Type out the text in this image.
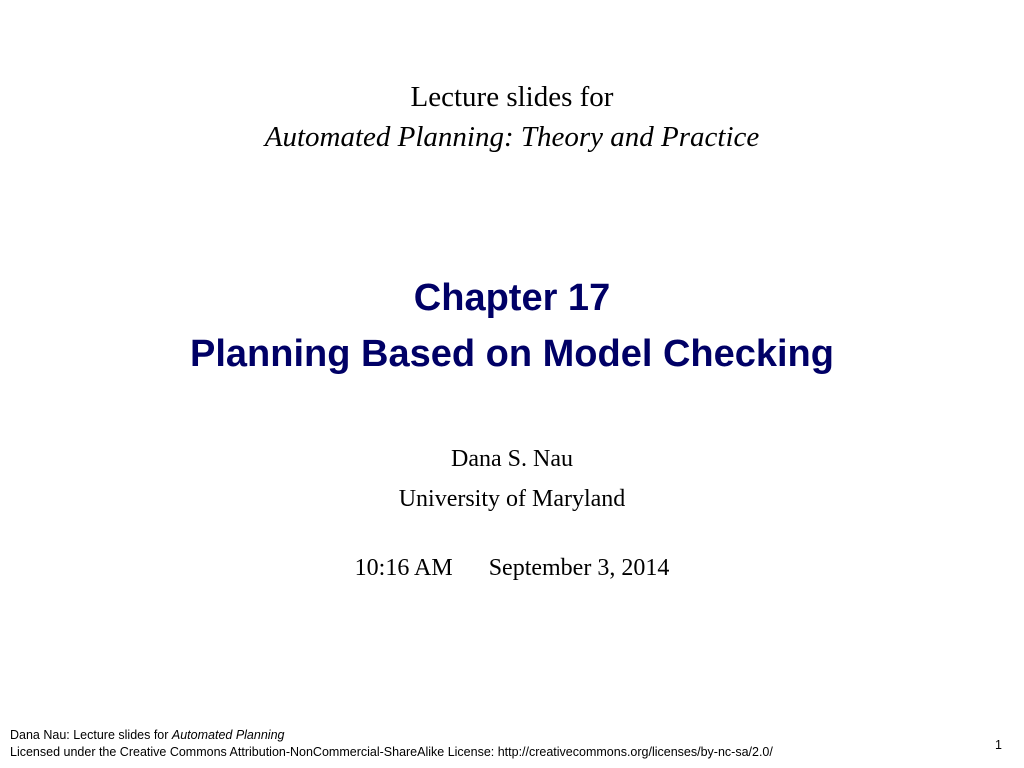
Lecture slides for
Automated Planning: Theory and Practice
Chapter 17
Planning Based on Model Checking
Dana S. Nau
University of Maryland
10:16 AM September 3, 2014
Dana Nau: Lecture slides for Automated Planning
Licensed under the Creative Commons Attribution-NonCommercial-ShareAlike License: http://creativecommons.org/licenses/by-nc-sa/2.0/	1
